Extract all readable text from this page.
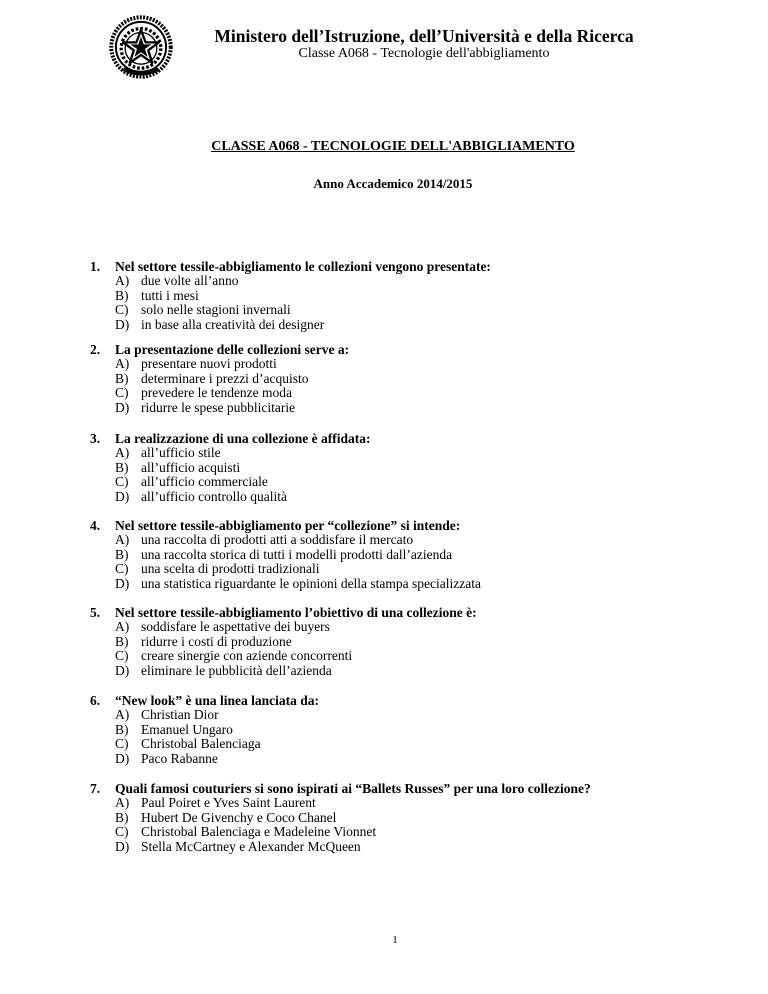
Ministero dell’Istruzione, dell’Università e della Ricerca
Classe A068 - Tecnologie dell'abbigliamento
CLASSE A068 - TECNOLOGIE DELL'ABBIGLIAMENTO
Anno Accademico 2014/2015
1. Nel settore tessile-abbigliamento le collezioni vengono presentate:
A) due volte all’anno
B) tutti i mesi
C) solo nelle stagioni invernali
D) in base alla creatività dei designer
2. La presentazione delle collezioni serve a:
A) presentare nuovi prodotti
B) determinare i prezzi d’acquisto
C) prevedere le tendenze moda
D) ridurre le spese pubblicitarie
3. La realizzazione di una collezione è affidata:
A) all’ufficio stile
B) all’ufficio acquisti
C) all’ufficio commerciale
D) all’ufficio controllo qualità
4. Nel settore tessile-abbigliamento per “collezione” si intende:
A) una raccolta di prodotti atti a soddisfare il mercato
B) una raccolta storica di tutti i modelli prodotti dall’azienda
C) una scelta di prodotti tradizionali
D) una statistica riguardante le opinioni della stampa specializzata
5. Nel settore tessile-abbigliamento l’obiettivo di una collezione è:
A) soddisfare le aspettative dei buyers
B) ridurre i costi di produzione
C) creare sinergie con aziende concorrenti
D) eliminare le pubblicità dell’azienda
6. “New look” è una linea lanciata da:
A) Christian Dior
B) Emanuel Ungaro
C) Christobal Balenciaga
D) Paco Rabanne
7. Quali famosi couturiers si sono ispirati ai “Ballets Russes” per una loro collezione?
A) Paul Poiret e Yves Saint Laurent
B) Hubert De Givenchy e Coco Chanel
C) Christobal Balenciaga e Madeleine Vionnet
D) Stella McCartney e Alexander McQueen
1
